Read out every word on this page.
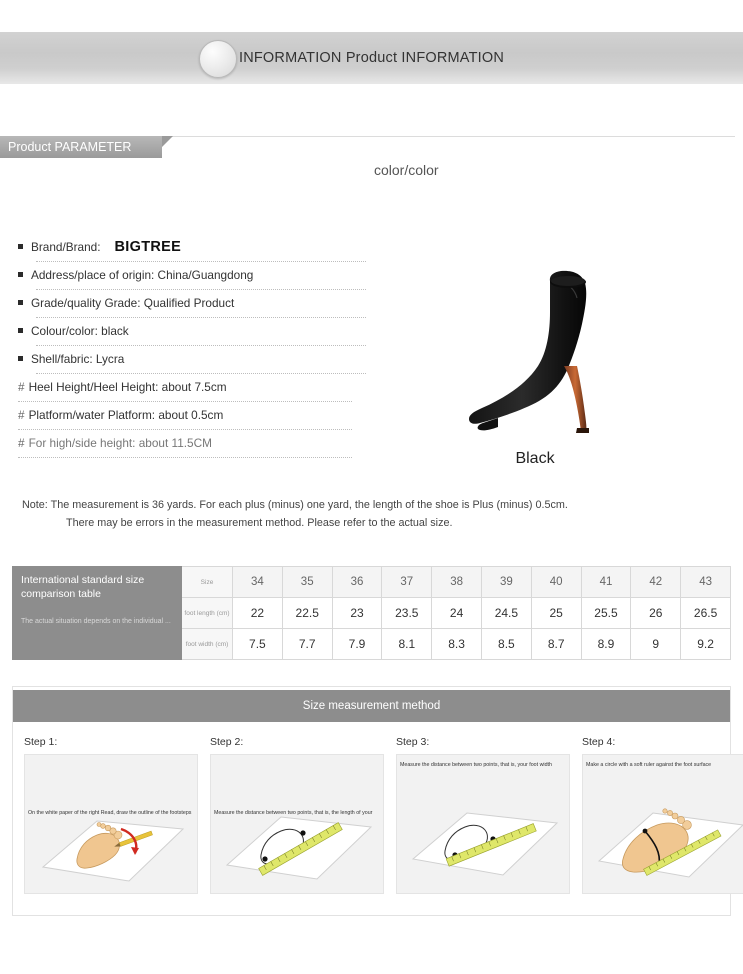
INFORMATION Product INFORMATION
Product PARAMETER
color/color
Brand/Brand: BIGTREE
Address/place of origin: China/Guangdong
Grade/quality Grade: Qualified Product
Colour/color: black
Shell/fabric: Lycra
# Heel Height/Heel Height: about 7.5cm
# Platform/water Platform: about 0.5cm
# For high/side height: about 11.5CM
Black
Note: The measurement is 36 yards. For each plus (minus) one yard, the length of the shoe is Plus (minus) 0.5cm.
There may be errors in the measurement method. Please refer to the actual size.
International standard size comparison table
The actual situation depends on the individual ...	Size	34	35	36	37	38	39	40	41	42	43
	foot length (cm)	22	22.5	23	23.5	24	24.5	25	25.5	26	26.5
	foot width (cm)	7.5	7.7	7.9	8.1	8.3	8.5	8.7	8.9	9	9.2
Size measurement method
Step 1:
On the white paper of the right Read, draw the outline of the footsteps
Step 2:
Measure the distance between two points, that is, the length of your
Step 3:
Measure the distance between two points, that is, your foot width
Step 4:
Make a circle with a soft ruler against the foot surface
